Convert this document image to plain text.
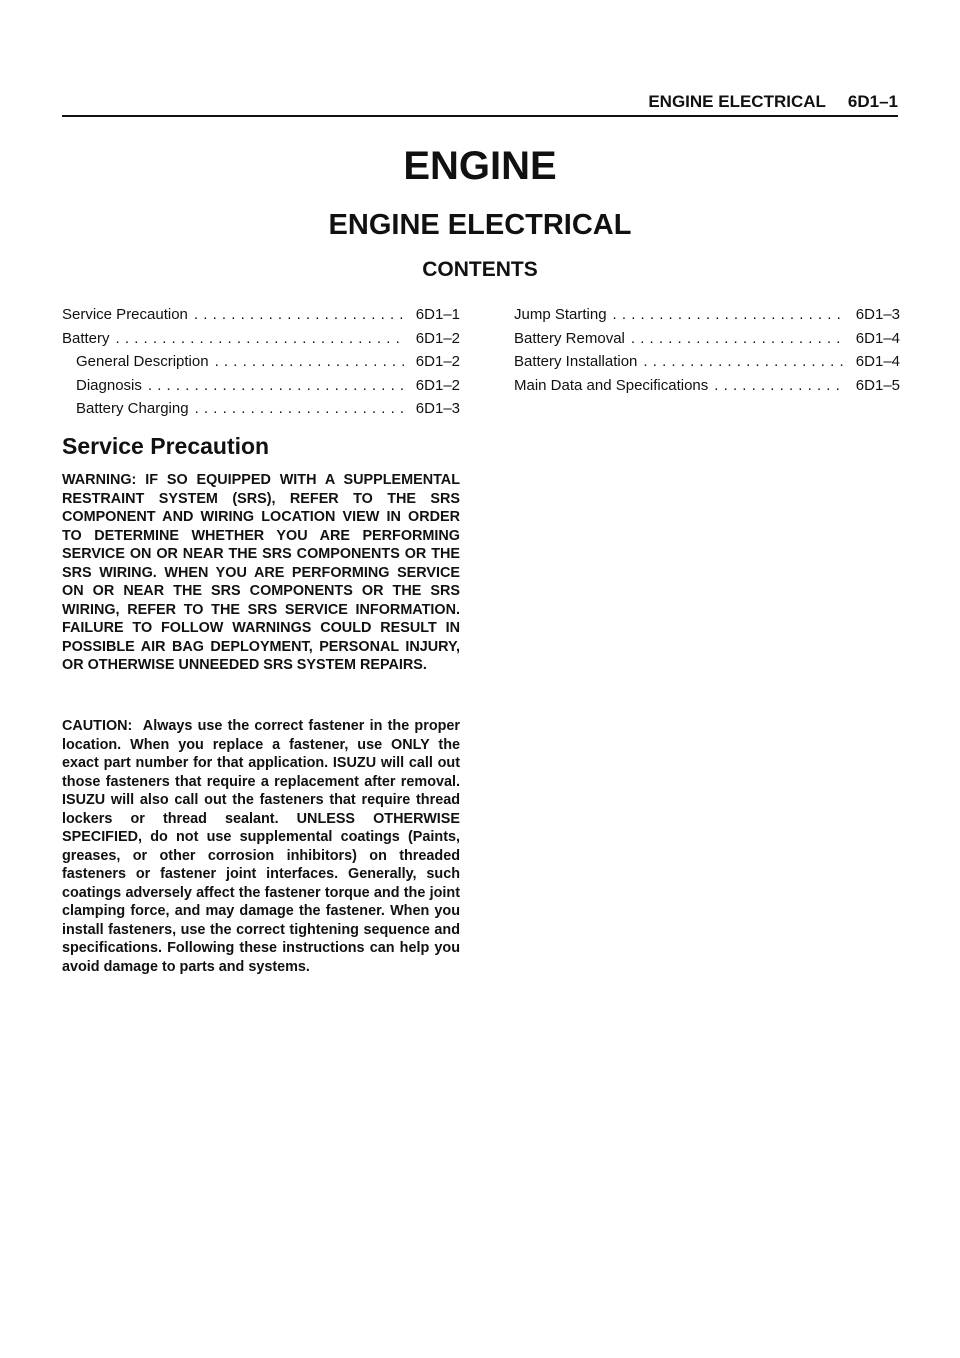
ENGINE ELECTRICAL 6D1–1
ENGINE
ENGINE ELECTRICAL
CONTENTS
Service Precaution . . .	6D1–1
Battery . . .	6D1–2
General Description . . .	6D1–2
Diagnosis . . .	6D1–2
Battery Charging . . .	6D1–3
Jump Starting . . .	6D1–3
Battery Removal . . .	6D1–4
Battery Installation . . .	6D1–4
Main Data and Specifications . . .	6D1–5
Service Precaution

WARNING: IF SO EQUIPPED WITH A SUPPLEMENTAL RESTRAINT SYSTEM (SRS), REFER TO THE SRS COMPONENT AND WIRING LOCATION VIEW IN ORDER TO DETERMINE WHETHER YOU ARE PERFORMING SERVICE ON OR NEAR THE SRS COMPONENTS OR THE SRS WIRING. WHEN YOU ARE PERFORMING SERVICE ON OR NEAR THE SRS COMPONENTS OR THE SRS WIRING, REFER TO THE SRS SERVICE INFORMATION. FAILURE TO FOLLOW WARNINGS COULD RESULT IN POSSIBLE AIR BAG DEPLOYMENT, PERSONAL INJURY, OR OTHERWISE UNNEEDED SRS SYSTEM REPAIRS.

CAUTION: Always use the correct fastener in the proper location. When you replace a fastener, use ONLY the exact part number for that application. ISUZU will call out those fasteners that require a replacement after removal. ISUZU will also call out the fasteners that require thread lockers or thread sealant. UNLESS OTHERWISE SPECIFIED, do not use supplemental coatings (Paints, greases, or other corrosion inhibitors) on threaded fasteners or fastener joint interfaces. Generally, such coatings adversely affect the fastener torque and the joint clamping force, and may damage the fastener. When you install fasteners, use the correct tightening sequence and specifications. Following these instructions can help you avoid damage to parts and systems.
